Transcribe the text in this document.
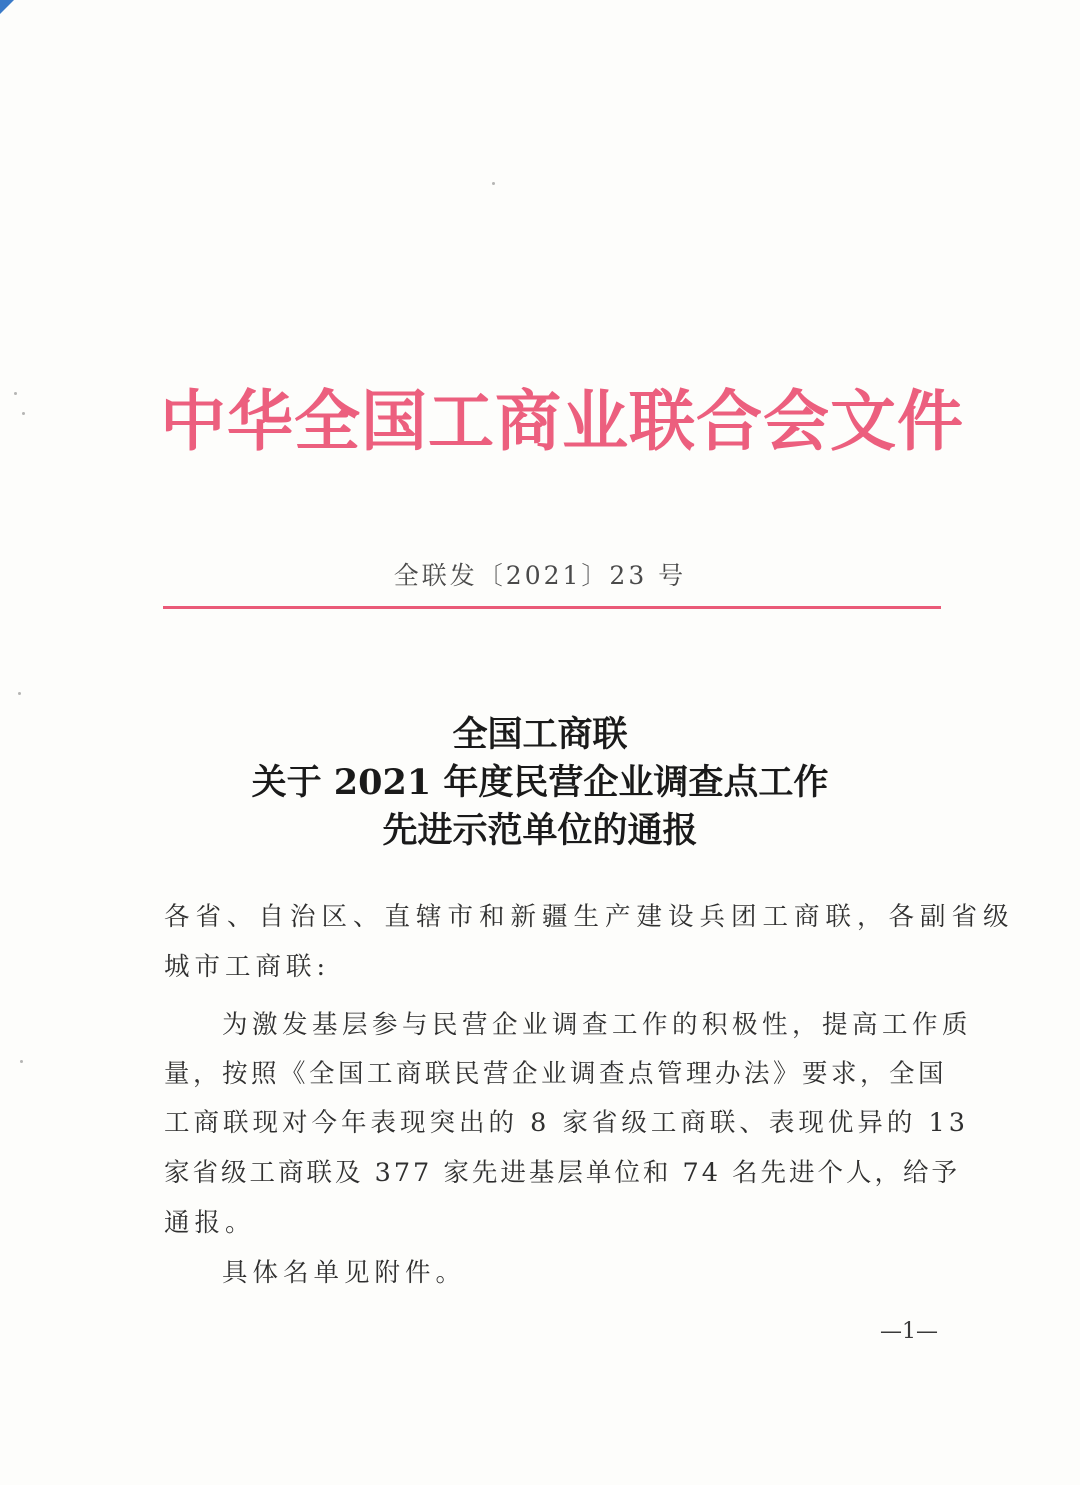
中华全国工商业联合会文件
全联发〔2021〕23 号
全国工商联
关于 2021 年度民营企业调查点工作
先进示范单位的通报
各省、自治区、直辖市和新疆生产建设兵团工商联，各副省级
城市工商联:
为激发基层参与民营企业调查工作的积极性，提高工作质
量，按照《全国工商联民营企业调查点管理办法》要求，全国
工商联现对今年表现突出的 8 家省级工商联、表现优异的 13
家省级工商联及 377 家先进基层单位和 74 名先进个人，给予
通报。
具体名单见附件。
—1—
